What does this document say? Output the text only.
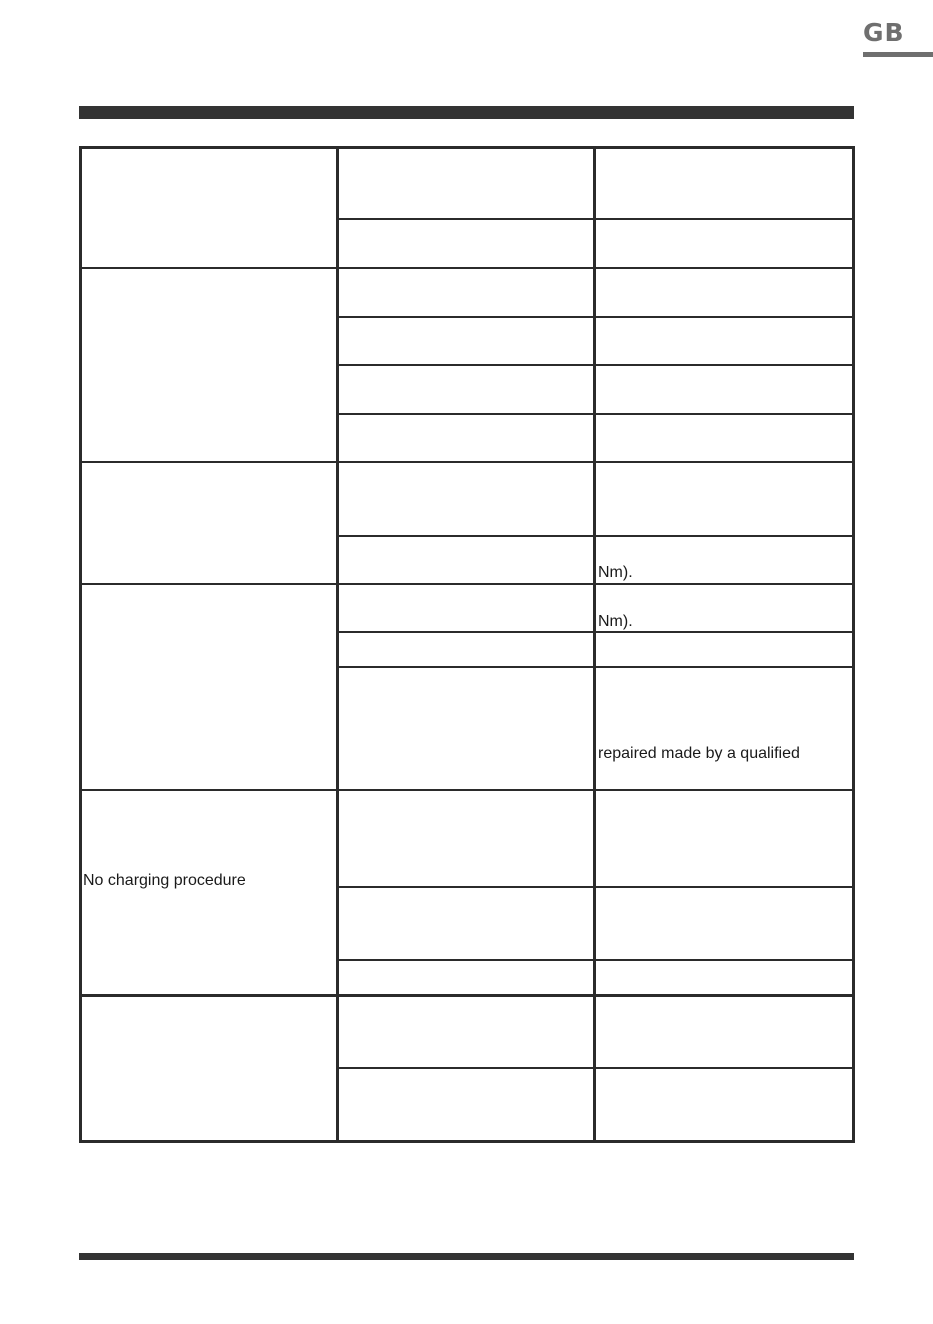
GB
Nm).
Nm).
repaired made by a qualified
No charging procedure
